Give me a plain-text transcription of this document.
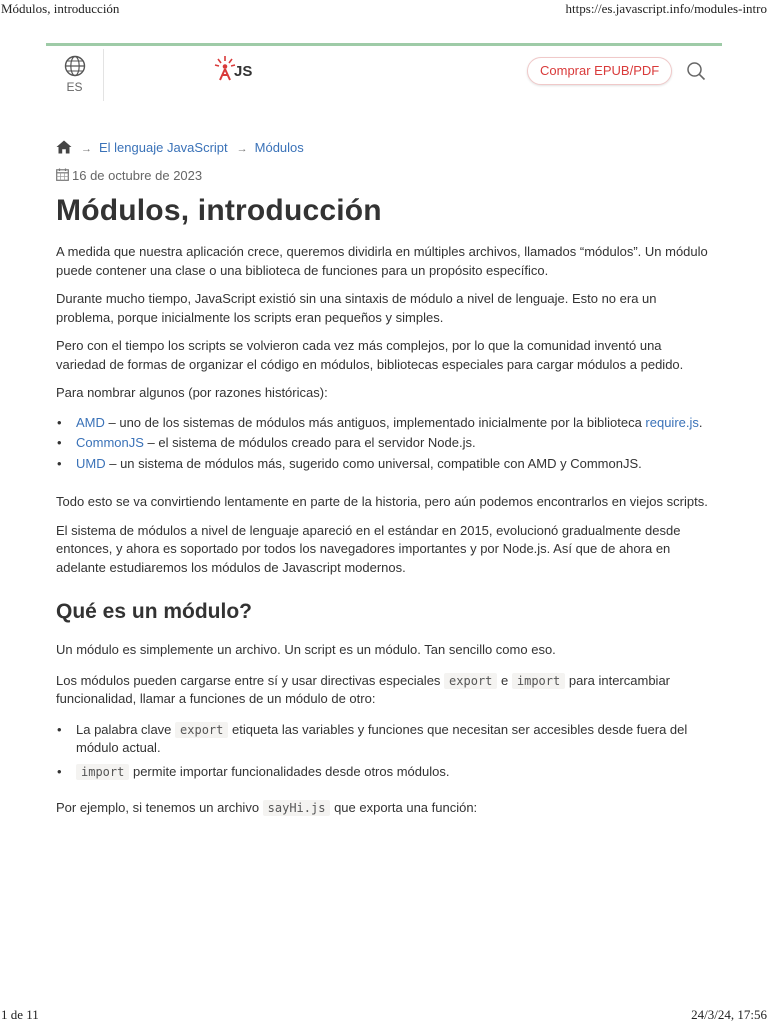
Módulos, introducción	https://es.javascript.info/modules-intro
ES
JS	Comprar EPUB/PDF
→ El lenguaje JavaScript → Módulos
16 de octubre de 2023
Módulos, introducción

A medida que nuestra aplicación crece, queremos dividirla en múltiples archivos, llamados “módulos”. Un módulo puede contener una clase o una biblioteca de funciones para un propósito específico.

Durante mucho tiempo, JavaScript existió sin una sintaxis de módulo a nivel de lenguaje. Esto no era un problema, porque inicialmente los scripts eran pequeños y simples.

Pero con el tiempo los scripts se volvieron cada vez más complejos, por lo que la comunidad inventó una variedad de formas de organizar el código en módulos, bibliotecas especiales para cargar módulos a pedido.

Para nombrar algunos (por razones históricas):

• AMD – uno de los sistemas de módulos más antiguos, implementado inicialmente por la biblioteca require.js.
• CommonJS – el sistema de módulos creado para el servidor Node.js.
• UMD – un sistema de módulos más, sugerido como universal, compatible con AMD y CommonJS.

Todo esto se va convirtiendo lentamente en parte de la historia, pero aún podemos encontrarlos en viejos scripts.

El sistema de módulos a nivel de lenguaje apareció en el estándar en 2015, evolucionó gradualmente desde entonces, y ahora es soportado por todos los navegadores importantes y por Node.js. Así que de ahora en adelante estudiaremos los módulos de Javascript modernos.

Qué es un módulo?

Un módulo es simplemente un archivo. Un script es un módulo. Tan sencillo como eso.

Los módulos pueden cargarse entre sí y usar directivas especiales export e import para intercambiar funcionalidad, llamar a funciones de un módulo de otro:

• La palabra clave export etiqueta las variables y funciones que necesitan ser accesibles desde fuera del módulo actual.
• import permite importar funcionalidades desde otros módulos.

Por ejemplo, si tenemos un archivo sayHi.js que exporta una función:

1 de 11	24/3/24, 17:56
